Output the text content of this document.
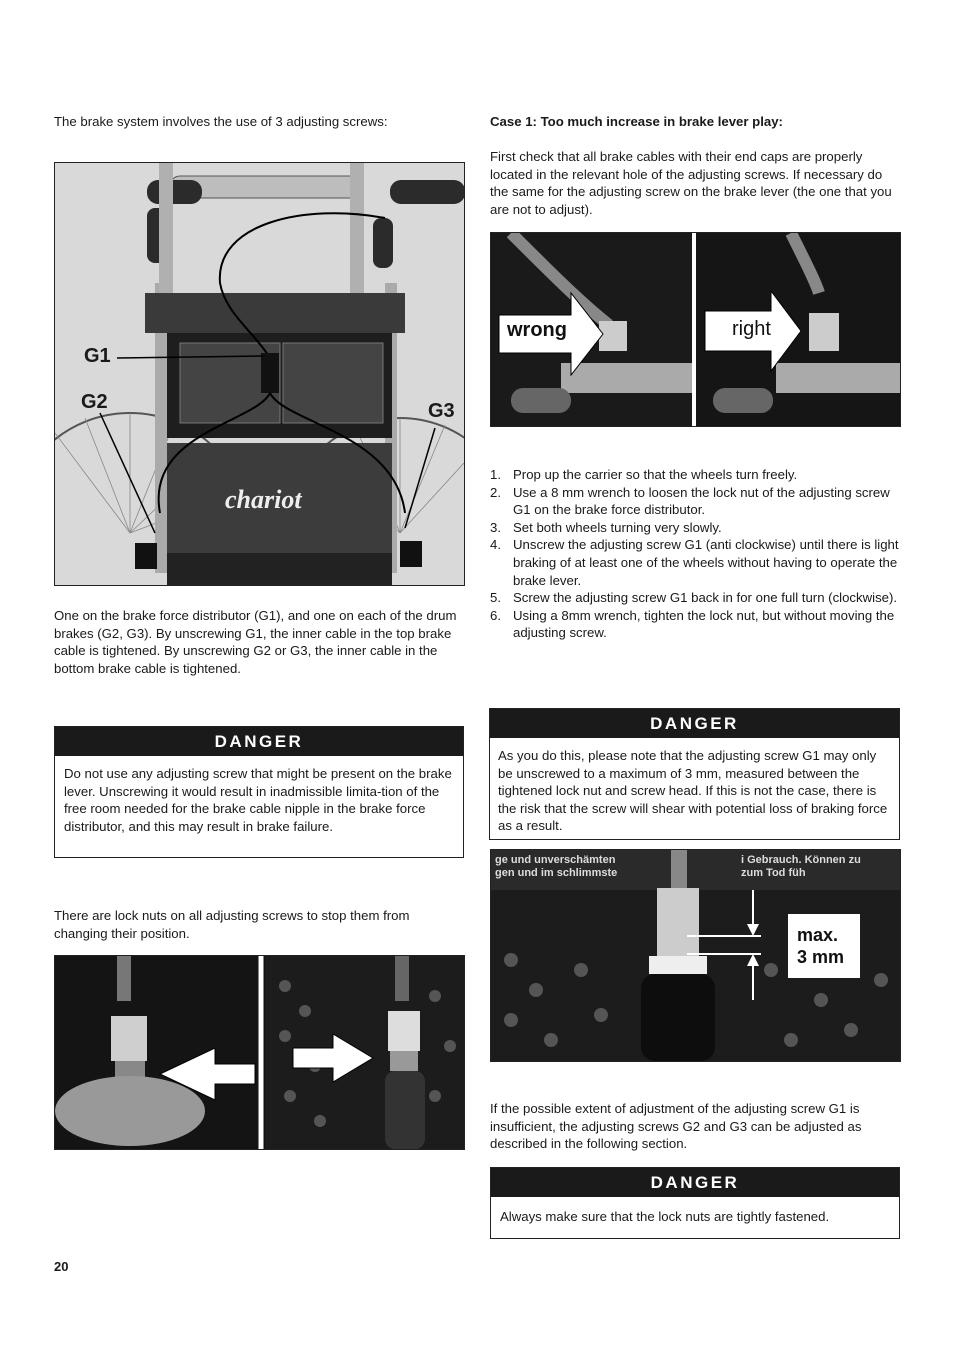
The brake system involves the use of 3 adjusting screws:

chariot
G1
G2	G3

One on the brake force distributor (G1), and one on each of the drum brakes (G2, G3). By unscrewing G1, the inner cable in the top brake cable is tightened. By unscrewing G2 or G3, the inner cable in the bottom brake cable is tightened.

DANGER

Do not use any adjusting screw that might be present on the brake lever. Unscrewing it would result in inadmissible limita-tion of the free room needed for the brake cable nipple in the brake force distributor, and this may result in brake failure.

There are lock nuts on all adjusting screws to stop them from changing their position.

20

Case 1: Too much increase in brake lever play:

First check that all brake cables with their end caps are properly located in the relevant hole of the adjusting screws. If necessary do the same for the adjusting screw on the brake lever (the one that you are not to adjust).

wrong	right
1. Prop up the carrier so that the wheels turn freely.
2. Use a 8 mm wrench to loosen the lock nut of the adjusting screw G1 on the brake force distributor.
3. Set both wheels turning very slowly.
4. Unscrew the adjusting screw G1 (anti clockwise) until there is light braking of at least one of the wheels without having to operate the brake lever.
5. Screw the adjusting screw G1 back in for one full turn (clockwise).
6. Using a 8mm wrench, tighten the lock nut, but without moving the adjusting screw.
DANGER

As you do this, please note that the adjusting screw G1 may only be unscrewed to a maximum of 3 mm, measured between the tightened lock nut and screw head. If this is not the case, there is the risk that the screw will shear with potential loss of braking force as a result.

ge und unverschämten
gen und im schlimmste
i Gebrauch. Können zu
zum Tod füh
max.
3 mm

If the possible extent of adjustment of the adjusting screw G1 is insufficient, the adjusting screws G2 and G3 can be adjusted as described in the following section.

DANGER

Always make sure that the lock nuts are tightly fastened.
